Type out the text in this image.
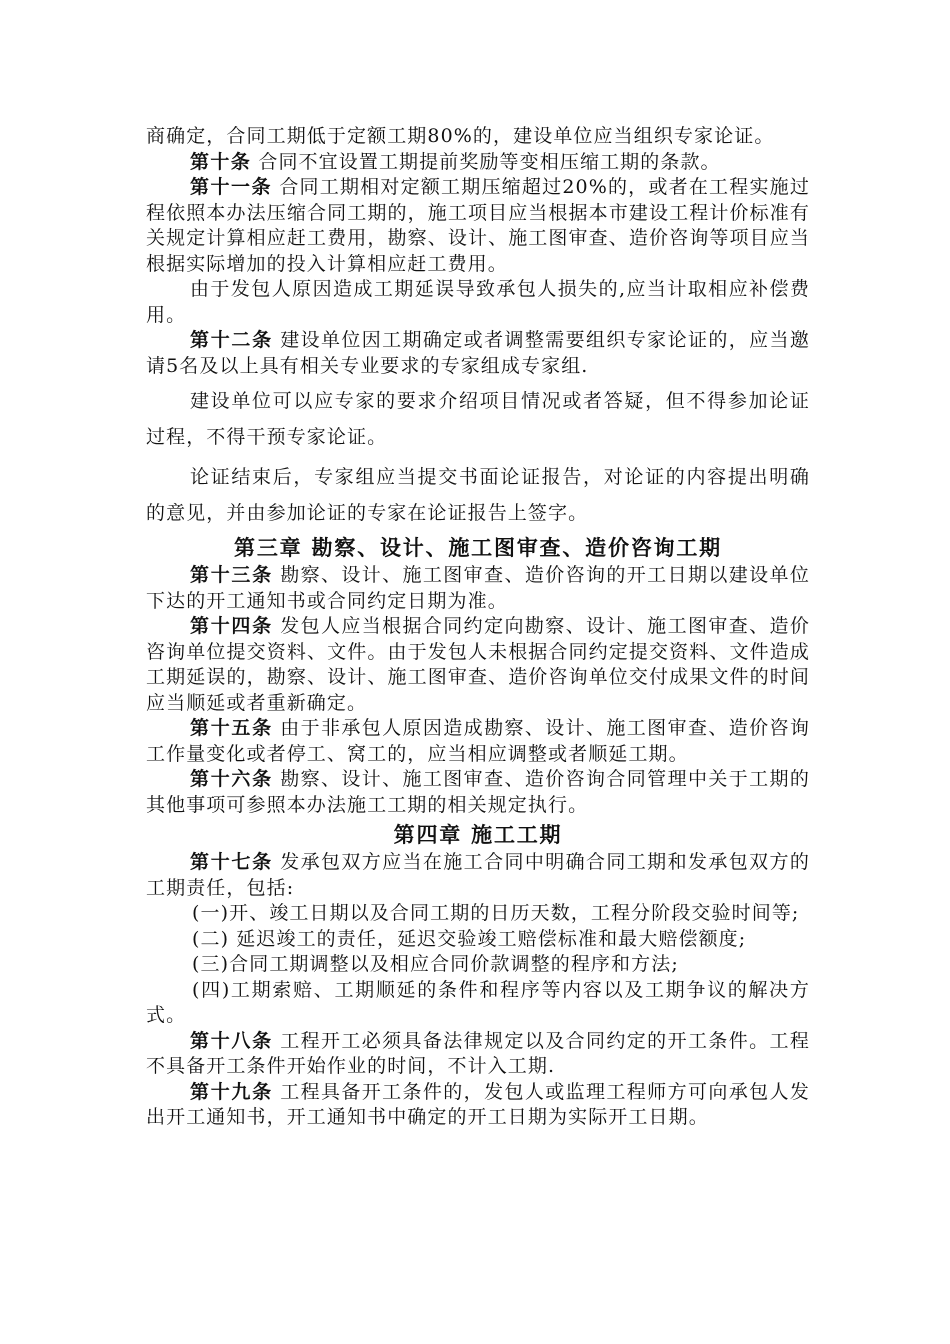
商确定，合同工期低于定额工期80%的，建设单位应当组织专家论证。

第十条 合同不宜设置工期提前奖励等变相压缩工期的条款。

第十一条 合同工期相对定额工期压缩超过20%的，或者在工程实施过程依照本办法压缩合同工期的，施工项目应当根据本市建设工程计价标准有关规定计算相应赶工费用，勘察、设计、施工图审查、造价咨询等项目应当根据实际增加的投入计算相应赶工费用。

由于发包人原因造成工期延误导致承包人损失的,应当计取相应补偿费用。

第十二条 建设单位因工期确定或者调整需要组织专家论证的，应当邀请5名及以上具有相关专业要求的专家组成专家组.

建设单位可以应专家的要求介绍项目情况或者答疑，但不得参加论证过程，不得干预专家论证。

论证结束后，专家组应当提交书面论证报告，对论证的内容提出明确的意见，并由参加论证的专家在论证报告上签字。

第三章 勘察、设计、施工图审查、造价咨询工期

第十三条 勘察、设计、施工图审查、造价咨询的开工日期以建设单位下达的开工通知书或合同约定日期为准。

第十四条 发包人应当根据合同约定向勘察、设计、施工图审查、造价咨询单位提交资料、文件。由于发包人未根据合同约定提交资料、文件造成工期延误的，勘察、设计、施工图审查、造价咨询单位交付成果文件的时间应当顺延或者重新确定。

第十五条 由于非承包人原因造成勘察、设计、施工图审查、造价咨询工作量变化或者停工、窝工的，应当相应调整或者顺延工期。

第十六条 勘察、设计、施工图审查、造价咨询合同管理中关于工期的其他事项可参照本办法施工工期的相关规定执行。

第四章 施工工期

第十七条 发承包双方应当在施工合同中明确合同工期和发承包双方的工期责任，包括:

(一)开、竣工日期以及合同工期的日历天数，工程分阶段交验时间等;

(二) 延迟竣工的责任，延迟交验竣工赔偿标准和最大赔偿额度;

(三)合同工期调整以及相应合同价款调整的程序和方法;

(四)工期索赔、工期顺延的条件和程序等内容以及工期争议的解决方式。

第十八条 工程开工必须具备法律规定以及合同约定的开工条件。工程不具备开工条件开始作业的时间，不计入工期.

第十九条 工程具备开工条件的，发包人或监理工程师方可向承包人发出开工通知书，开工通知书中确定的开工日期为实际开工日期。
